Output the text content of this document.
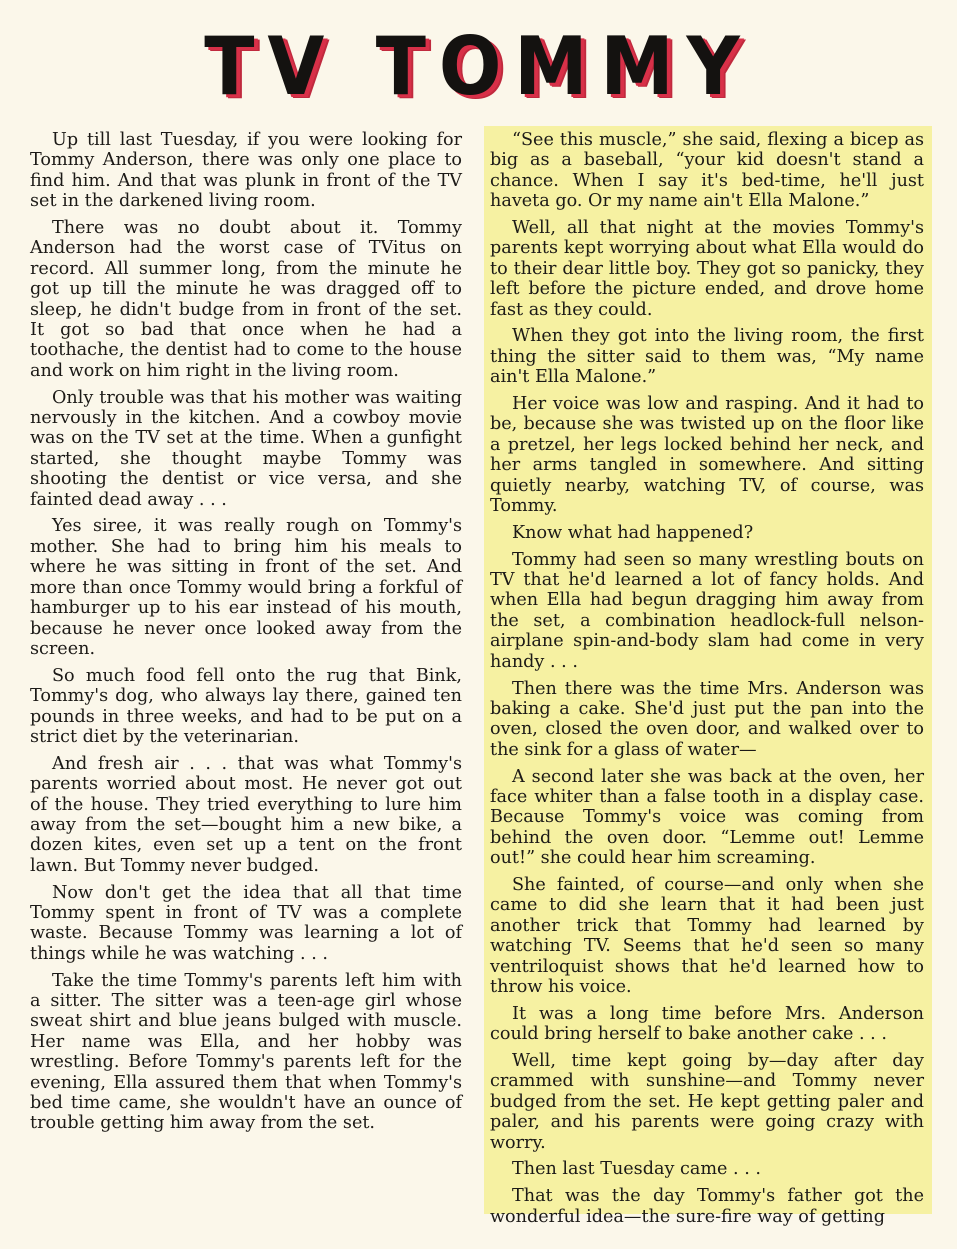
TV TOMMY

Up till last Tuesday, if you were looking for Tommy Anderson, there was only one place to find him. And that was plunk in front of the TV set in the darkened living room.

There was no doubt about it. Tommy Anderson had the worst case of TVitus on record. All summer long, from the minute he got up till the minute he was dragged off to sleep, he didn't budge from in front of the set. It got so bad that once when he had a toothache, the dentist had to come to the house and work on him right in the living room.

Only trouble was that his mother was waiting nervously in the kitchen. And a cowboy movie was on the TV set at the time. When a gunfight started, she thought maybe Tommy was shooting the dentist or vice versa, and she fainted dead away . . .

Yes siree, it was really rough on Tommy's mother. She had to bring him his meals to where he was sitting in front of the set. And more than once Tommy would bring a forkful of hamburger up to his ear instead of his mouth, because he never once looked away from the screen.

So much food fell onto the rug that Bink, Tommy's dog, who always lay there, gained ten pounds in three weeks, and had to be put on a strict diet by the veterinarian.

And fresh air . . . that was what Tommy's parents worried about most. He never got out of the house. They tried everything to lure him away from the set—bought him a new bike, a dozen kites, even set up a tent on the front lawn. But Tommy never budged.

Now don't get the idea that all that time Tommy spent in front of TV was a complete waste. Because Tommy was learning a lot of things while he was watching . . .

Take the time Tommy's parents left him with a sitter. The sitter was a teen-age girl whose sweat shirt and blue jeans bulged with muscle. Her name was Ella, and her hobby was wrestling. Before Tommy's parents left for the evening, Ella assured them that when Tommy's bed time came, she wouldn't have an ounce of trouble getting him away from the set.

“See this muscle,” she said, flexing a bicep as big as a baseball, “your kid doesn't stand a chance. When I say it's bed-time, he'll just haveta go. Or my name ain't Ella Malone.”

Well, all that night at the movies Tommy's parents kept worrying about what Ella would do to their dear little boy. They got so panicky, they left before the picture ended, and drove home fast as they could.

When they got into the living room, the first thing the sitter said to them was, “My name ain't Ella Malone.”

Her voice was low and rasping. And it had to be, because she was twisted up on the floor like a pretzel, her legs locked behind her neck, and her arms tangled in somewhere. And sitting quietly nearby, watching TV, of course, was Tommy.

Know what had happened?

Tommy had seen so many wrestling bouts on TV that he'd learned a lot of fancy holds. And when Ella had begun dragging him away from the set, a combination headlock-full nelson-airplane spin-and-body slam had come in very handy . . .

Then there was the time Mrs. Anderson was baking a cake. She'd just put the pan into the oven, closed the oven door, and walked over to the sink for a glass of water—

A second later she was back at the oven, her face whiter than a false tooth in a display case. Because Tommy's voice was coming from behind the oven door. “Lemme out! Lemme out!” she could hear him screaming.

She fainted, of course—and only when she came to did she learn that it had been just another trick that Tommy had learned by watching TV. Seems that he'd seen so many ventriloquist shows that he'd learned how to throw his voice.

It was a long time before Mrs. Anderson could bring herself to bake another cake . . .

Well, time kept going by—day after day crammed with sunshine—and Tommy never budged from the set. He kept getting paler and paler, and his parents were going crazy with worry.

Then last Tuesday came . . .

That was the day Tommy's father got the wonderful idea—the sure-fire way of getting
